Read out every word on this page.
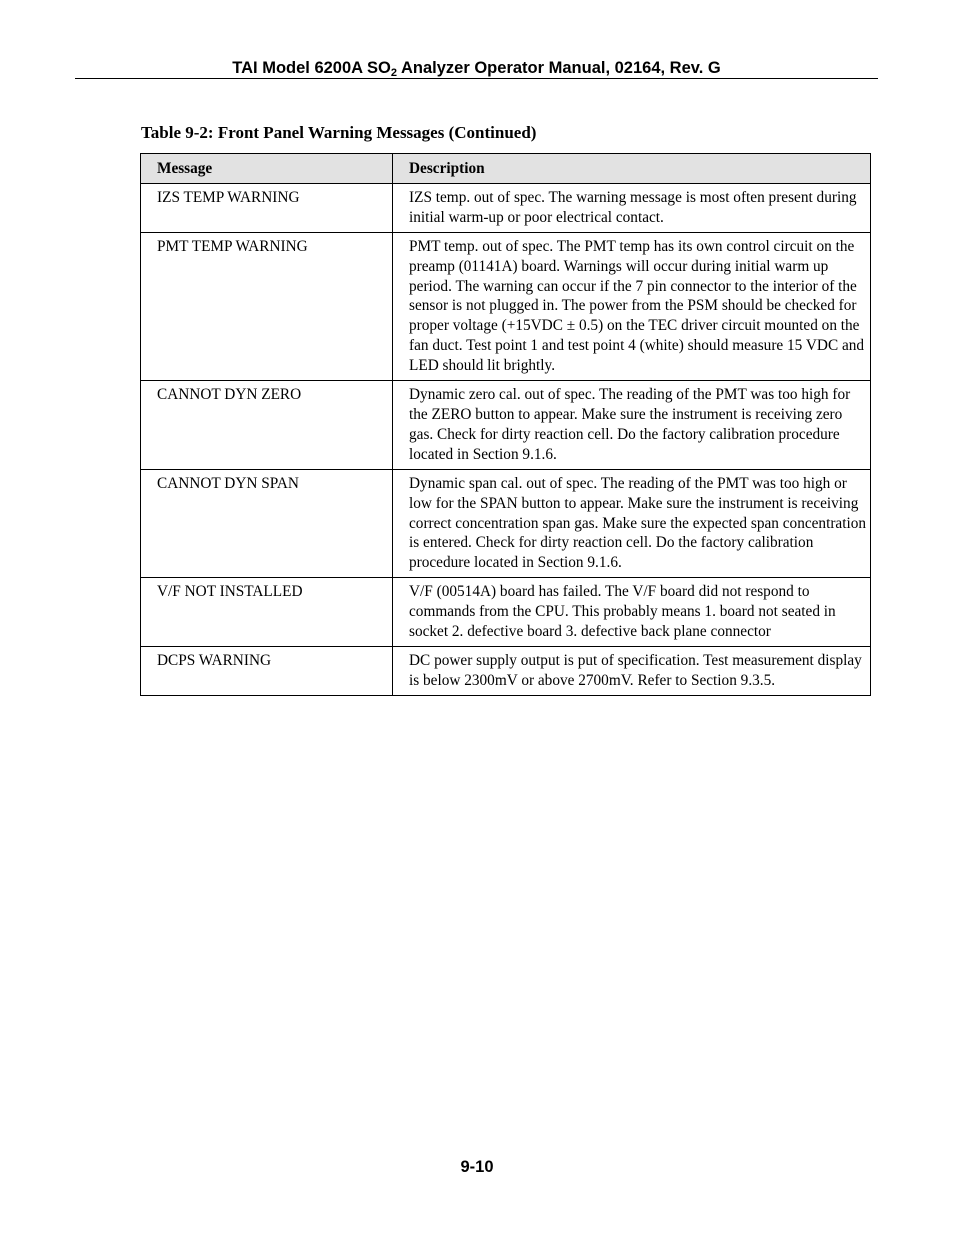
TAI Model 6200A $SO_2$ Analyzer Operator Manual, 02164, Rev. G
Table 9-2: Front Panel Warning Messages (Continued)
Message	Description
IZS TEMP WARNING	IZS temp. out of spec. The warning message is most often present during initial warm-up or poor electrical contact.
PMT TEMP WARNING	PMT temp. out of spec. The PMT temp has its own control circuit on the preamp (01141A) board. Warnings will occur during initial warm up period. The warning can occur if the 7 pin connector to the interior of the sensor is not plugged in. The power from the PSM should be checked for proper voltage (+15VDC ± 0.5) on the TEC driver circuit mounted on the fan duct. Test point 1 and test point 4 (white) should measure 15 VDC and LED should lit brightly.
CANNOT DYN ZERO	Dynamic zero cal. out of spec. The reading of the PMT was too high for the ZERO button to appear. Make sure the instrument is receiving zero gas. Check for dirty reaction cell. Do the factory calibration procedure located in Section 9.1.6.
CANNOT DYN SPAN	Dynamic span cal. out of spec. The reading of the PMT was too high or low for the SPAN button to appear. Make sure the instrument is receiving correct concentration span gas. Make sure the expected span concentration is entered. Check for dirty reaction cell. Do the factory calibration procedure located in Section 9.1.6.
V/F NOT INSTALLED	V/F (00514A) board has failed. The V/F board did not respond to commands from the CPU. This probably means 1. board not seated in socket 2. defective board 3. defective back plane connector
DCPS WARNING	DC power supply output is put of specification. Test measurement display is below 2300mV or above 2700mV. Refer to Section 9.3.5.
9-10
